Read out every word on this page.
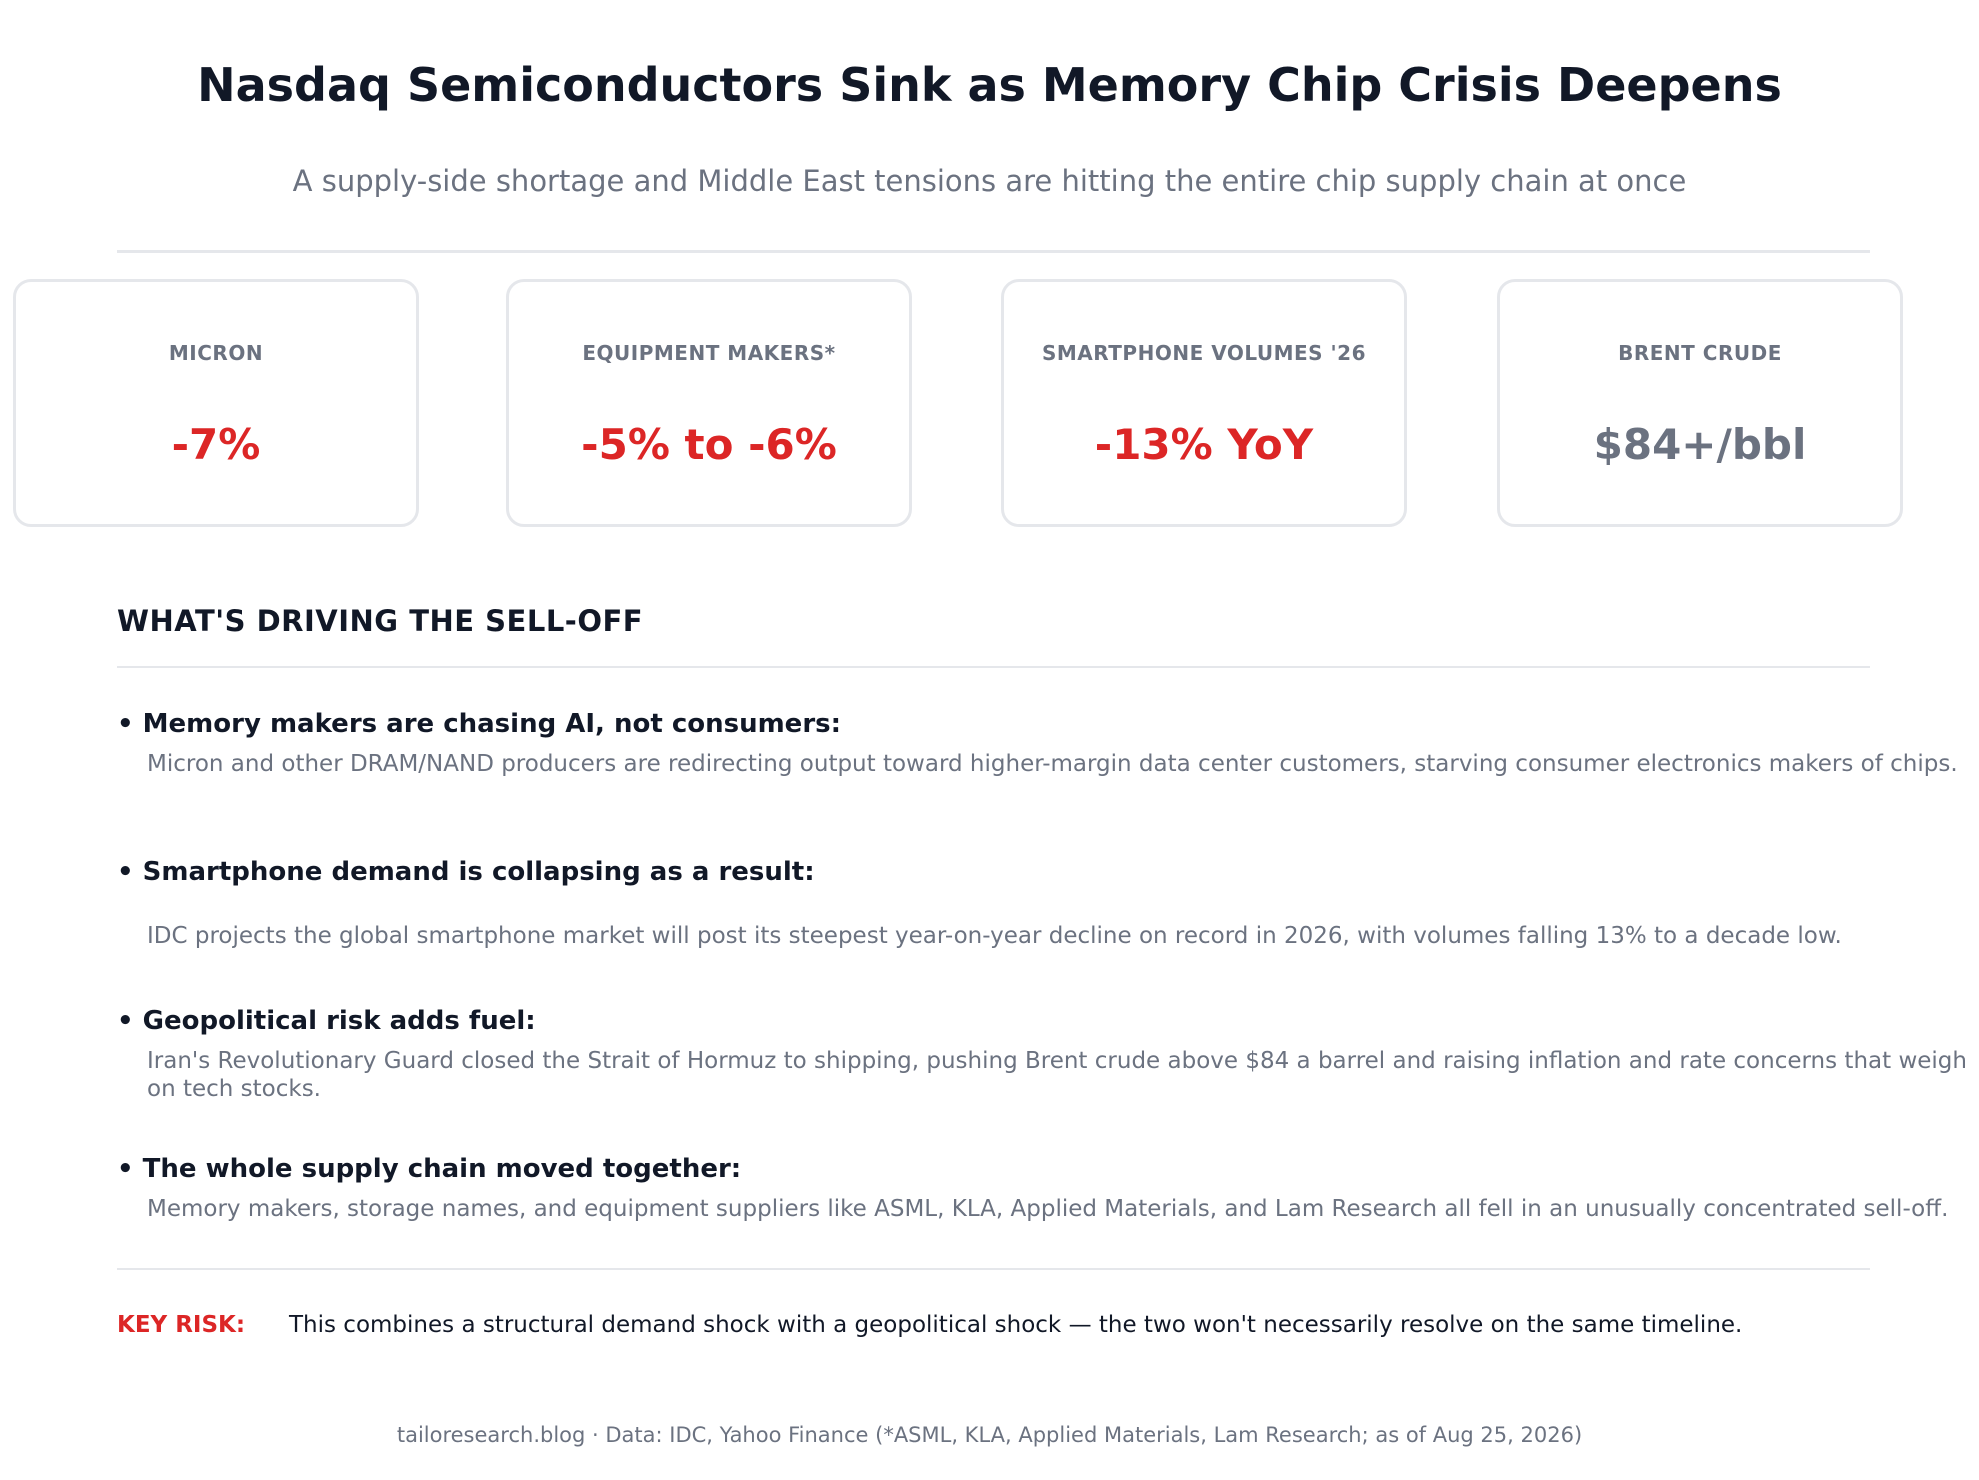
Nasdaq Semiconductors Sink as Memory Chip Crisis Deepens
A supply-side shortage and Middle East tensions are hitting the entire chip supply chain at once
MICRON
-7%
EQUIPMENT MAKERS*
-5% to -6%
SMARTPHONE VOLUMES '26
-13% YoY
BRENT CRUDE
$84+/bbl
WHAT'S DRIVING THE SELL-OFF
• Memory makers are chasing AI, not consumers:
Micron and other DRAM/NAND producers are redirecting output toward higher-margin data center customers, starving consumer electronics makers of chips.
• Smartphone demand is collapsing as a result:
IDC projects the global smartphone market will post its steepest year-on-year decline on record in 2026, with volumes falling 13% to a decade low.
• Geopolitical risk adds fuel:
Iran's Revolutionary Guard closed the Strait of Hormuz to shipping, pushing Brent crude above $84 a barrel and raising inflation and rate concerns that weigh on tech stocks.
• The whole supply chain moved together:
Memory makers, storage names, and equipment suppliers like ASML, KLA, Applied Materials, and Lam Research all fell in an unusually concentrated sell-off.
KEY RISK: This combines a structural demand shock with a geopolitical shock — the two won't necessarily resolve on the same timeline.
tailoresearch.blog · Data: IDC, Yahoo Finance (*ASML, KLA, Applied Materials, Lam Research; as of Aug 25, 2026)
